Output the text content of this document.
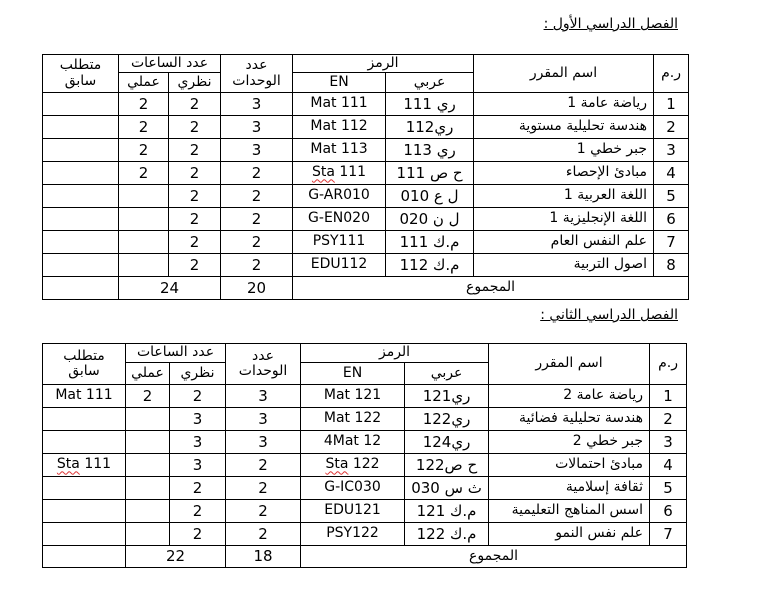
الفصل الدراسي الأول :
ر.م	اسم المقرر	الرمز		عدد
الوحدات	عدد الساعات		متطلب
سابق
		عربي	EN		نظري	عملي	
1	رياضة عامة 1	ري 111	Mat 111	3	2	2	
2	هندسة تحليلية مستوية	ري112	Mat 112	3	2	2	
3	جبر خطي 1	ري 113	Mat 113	3	2	2	
4	مبادئ الإحصاء	ح ص 111	Sta 111	2	2	2	
5	اللغة العربية 1	ل ع 010	G-AR010	2	2		
6	اللغة الإنجليزية 1	ل ن 020	G-EN020	2	2		
7	علم النفس العام	م.ك 111	PSY111	2	2		
8	اصول التربية	م.ك 112	EDU112	2	2		
المجموع				20	24		
الفصل الدراسي الثاني :
ر.م	اسم المقرر	الرمز		عدد
الوحدات	عدد الساعات		متطلب
سابق
		عربي	EN		نظري	عملي	
1	رياضة عامة 2	ري121	Mat 121	3	2	2	Mat 111
2	هندسة تحليلية فضائية	ري122	Mat 122	3	3		
3	جبر خطي 2	ري124	4Mat 12	3	3		
4	مبادئ احتمالات	ح ص122	Sta 122	2	3		Sta 111
5	ثقافة إسلامية	ث س 030	G-IC030	2	2		
6	اسس المناهج التعليمية	م.ك 121	EDU121	2	2		
7	علم نفس النمو	م.ك 122	PSY122	2	2		
المجموع				18	22		
